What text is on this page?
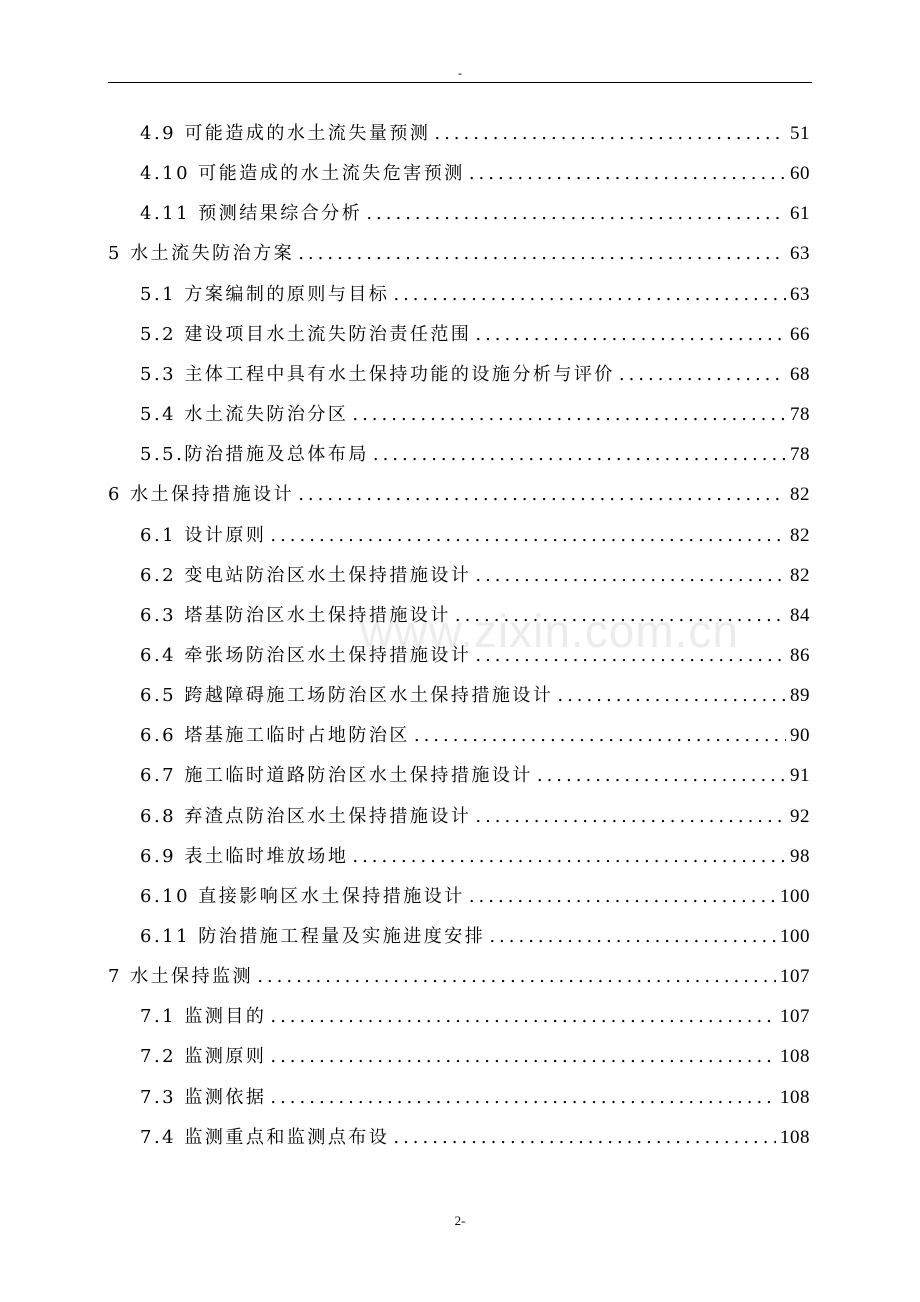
-
4.9 可能造成的水土流失量预测 .....	51
4.10 可能造成的水土流失危害预测 .....	60
4.11 预测结果综合分析 .....	61
5 水土流失防治方案 .....	63
5.1 方案编制的原则与目标 .....	63
5.2 建设项目水土流失防治责任范围 .....	66
5.3 主体工程中具有水土保持功能的设施分析与评价 .....	68
5.4 水土流失防治分区 .....	78
5.5.防治措施及总体布局 .....	78
6 水土保持措施设计 .....	82
6.1 设计原则 .....	82
6.2 变电站防治区水土保持措施设计 .....	82
6.3 塔基防治区水土保持措施设计 .....	84
6.4 牵张场防治区水土保持措施设计 .....	86
6.5 跨越障碍施工场防治区水土保持措施设计 .....	89
6.6 塔基施工临时占地防治区 .....	90
6.7 施工临时道路防治区水土保持措施设计 .....	91
6.8 弃渣点防治区水土保持措施设计 .....	92
6.9 表土临时堆放场地 .....	98
6.10 直接影响区水土保持措施设计 .....	100
6.11 防治措施工程量及实施进度安排 .....	100
7 水土保持监测 .....	107
7.1 监测目的 .....	107
7.2 监测原则 .....	108
7.3 监测依据 .....	108
7.4 监测重点和监测点布设 .....	108
www.zixin.com.cn
2-
